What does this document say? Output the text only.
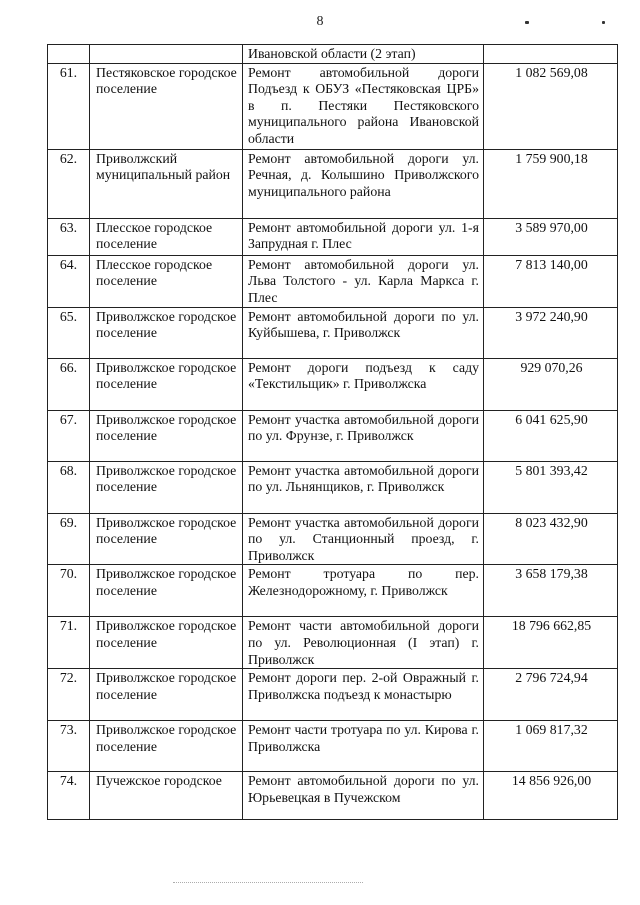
8
		Ивановской области (2 этап)	
61.	Пестяковское городское поселение	Ремонт автомобильной дороги Подъезд к ОБУЗ «Пестяковская ЦРБ» в п. Пестяки Пестяковского муниципального района Ивановской области	1 082 569,08
62.	Приволжский муниципальный район	Ремонт автомобильной дороги ул. Речная, д. Колышино Приволжского муниципального района	1 759 900,18
63.	Плесское городское поселение	Ремонт автомобильной дороги ул. 1-я Запрудная г. Плес	3 589 970,00
64.	Плесское городское поселение	Ремонт автомобильной дороги ул. Льва Толстого - ул. Карла Маркса г. Плес	7 813 140,00
65.	Приволжское городское поселение	Ремонт автомобильной дороги по ул. Куйбышева, г. Приволжск	3 972 240,90
66.	Приволжское городское поселение	Ремонт дороги подъезд к саду «Текстильщик» г. Приволжска	929 070,26
67.	Приволжское городское поселение	Ремонт участка автомобильной дороги по ул. Фрунзе, г. Приволжск	6 041 625,90
68.	Приволжское городское поселение	Ремонт участка автомобильной дороги по ул. Льнянщиков, г. Приволжск	5 801 393,42
69.	Приволжское городское поселение	Ремонт участка автомобильной дороги по ул. Станционный проезд, г. Приволжск	8 023 432,90
70.	Приволжское городское поселение	Ремонт тротуара по пер. Железнодорожному, г. Приволжск	3 658 179,38
71.	Приволжское городское поселение	Ремонт части автомобильной дороги по ул. Революционная (I этап) г. Приволжск	18 796 662,85
72.	Приволжское городское поселение	Ремонт дороги пер. 2-ой Овражный г. Приволжска подъезд к монастырю	2 796 724,94
73.	Приволжское городское поселение	Ремонт части тротуара по ул. Кирова г. Приволжска	1 069 817,32
74.	Пучежское городское	Ремонт автомобильной дороги по ул. Юрьевецкая в Пучежском	14 856 926,00
